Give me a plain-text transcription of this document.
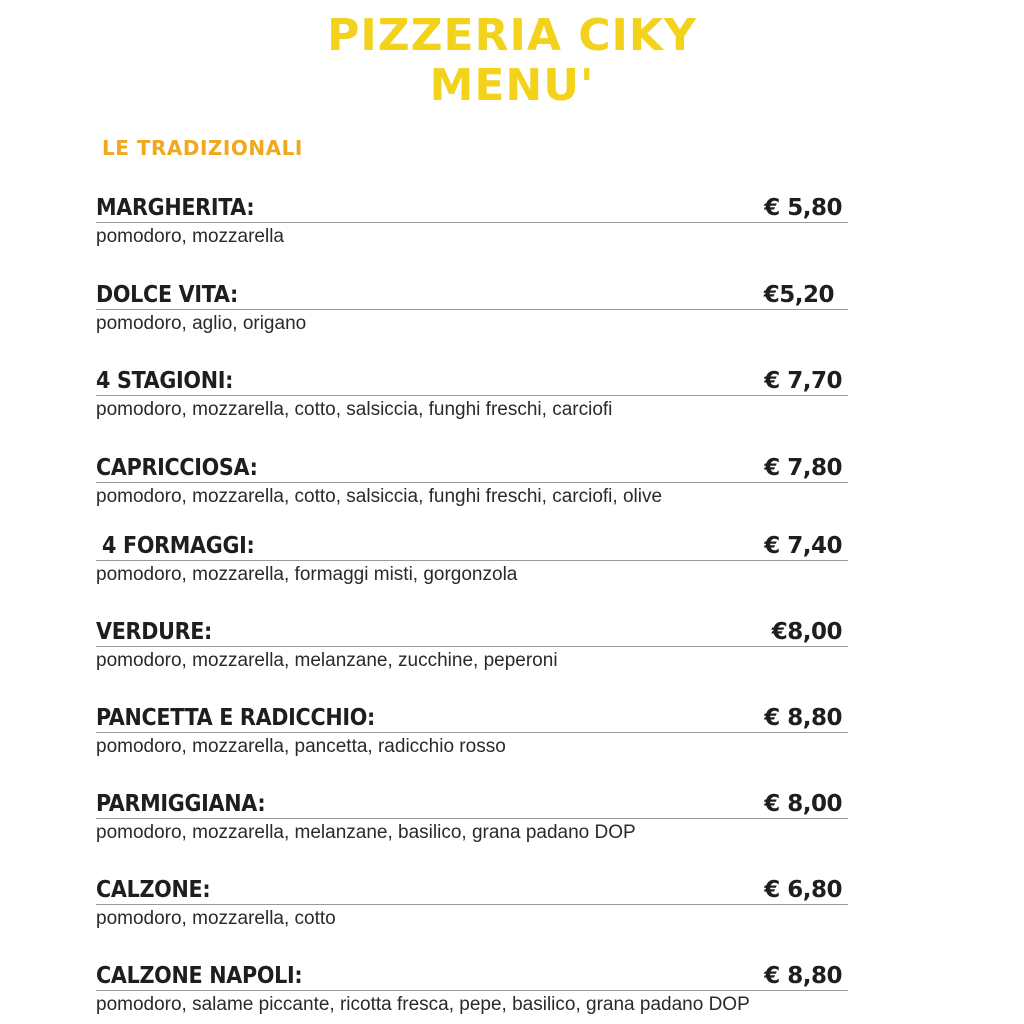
PIZZERIA CIKY
MENU'
LE TRADIZIONALI
MARGHERITA:	€ 5,80
pomodoro, mozzarella
DOLCE VITA:	€5,20
pomodoro, aglio, origano
4 STAGIONI:	€ 7,70
pomodoro, mozzarella, cotto, salsiccia, funghi freschi, carciofi
CAPRICCIOSA:	€ 7,80
pomodoro, mozzarella, cotto, salsiccia, funghi freschi, carciofi, olive
4 FORMAGGI:	€ 7,40
pomodoro, mozzarella, formaggi misti, gorgonzola
VERDURE:	€8,00
pomodoro, mozzarella, melanzane, zucchine, peperoni
PANCETTA E RADICCHIO:	€ 8,80
pomodoro, mozzarella, pancetta, radicchio rosso
PARMIGGIANA:	€ 8,00
pomodoro, mozzarella, melanzane, basilico, grana padano DOP
CALZONE:	€ 6,80
pomodoro, mozzarella, cotto
CALZONE NAPOLI:	€ 8,80
pomodoro, salame piccante, ricotta fresca, pepe, basilico, grana padano DOP
